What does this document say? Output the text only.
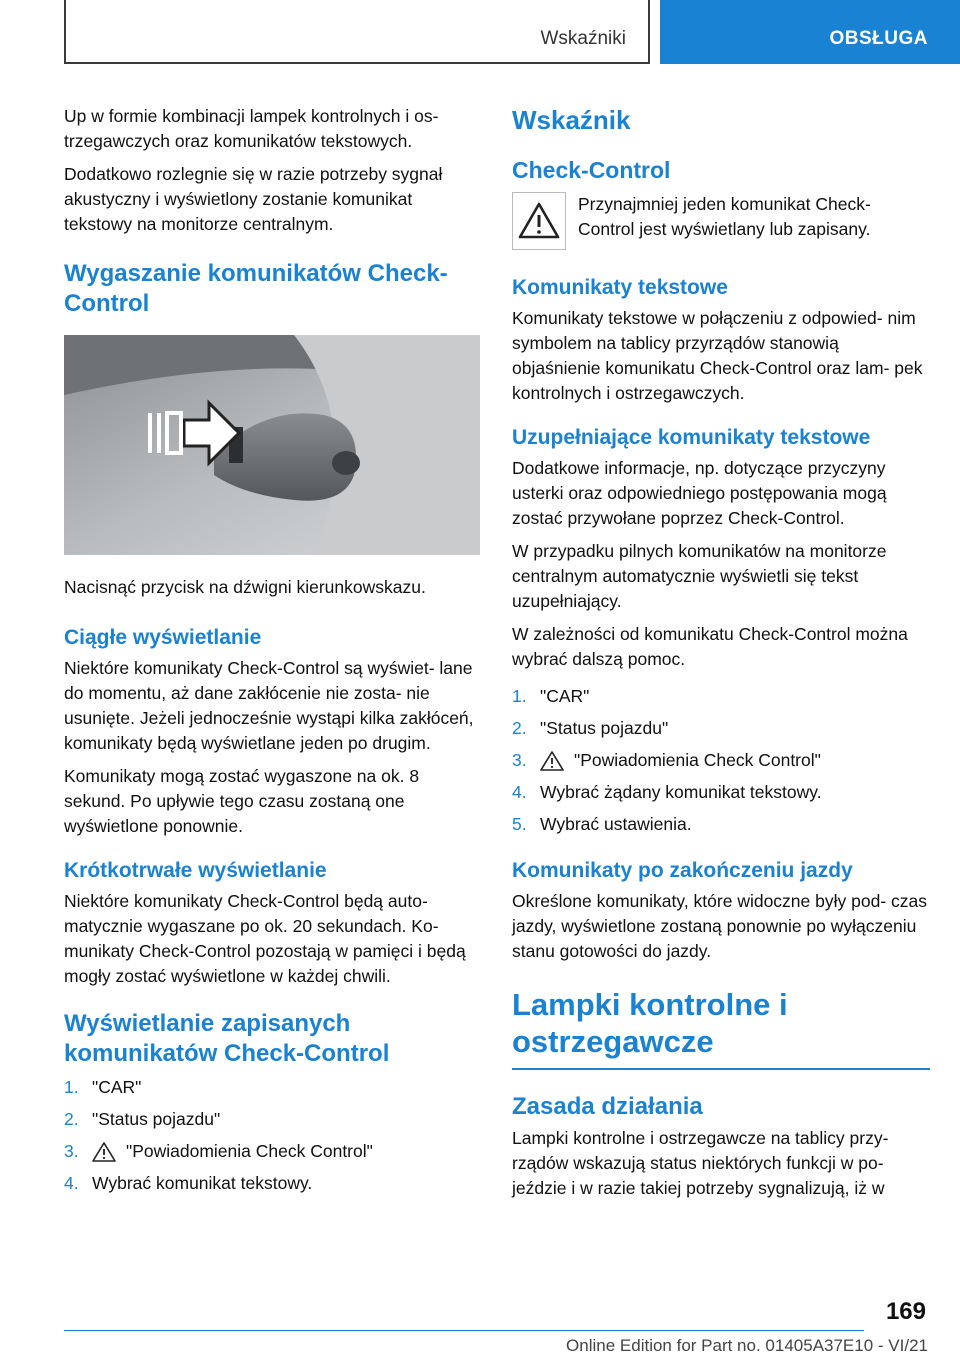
Wskaźniki	OBSŁUGA

Up w formie kombinacji lampek kontrolnych i os‐ trzegawczych oraz komunikatów tekstowych.

Dodatkowo rozlegnie się w razie potrzeby sygnał akustyczny i wyświetlony zostanie komunikat tekstowy na monitorze centralnym.

Wygaszanie komunikatów Check-Control

Nacisnąć przycisk na dźwigni kierunkowskazu.

Ciągłe wyświetlanie

Niektóre komunikaty Check-Control są wyświet‐ lane do momentu, aż dane zakłócenie nie zosta‐ nie usunięte. Jeżeli jednocześnie wystąpi kilka zakłóceń, komunikaty będą wyświetlane jeden po drugim.

Komunikaty mogą zostać wygaszone na ok. 8 sekund. Po upływie tego czasu zostaną one wyświetlone ponownie.

Krótkotrwałe wyświetlanie

Niektóre komunikaty Check-Control będą auto‐ matycznie wygaszane po ok. 20 sekundach. Ko‐ munikaty Check-Control pozostają w pamięci i będą mogły zostać wyświetlone w każdej chwili.

Wyświetlanie zapisanych komunikatów Check-Control
1. "CAR"
2. "Status pojazdu"
3.	"Powiadomienia Check Control"
4. Wybrać komunikat tekstowy.
Wskaźnik
Check-Control

Przynajmniej jeden komunikat Check- Control jest wyświetlany lub zapisany.

Komunikaty tekstowe

Komunikaty tekstowe w połączeniu z odpowied‐ nim symbolem na tablicy przyrządów stanowią objaśnienie komunikatu Check-Control oraz lam‐ pek kontrolnych i ostrzegawczych.

Uzupełniające komunikaty tekstowe

Dodatkowe informacje, np. dotyczące przyczyny usterki oraz odpowiedniego postępowania mogą zostać przywołane poprzez Check-Control.

W przypadku pilnych komunikatów na monitorze centralnym automatycznie wyświetli się tekst uzupełniający.

W zależności od komunikatu Check-Control można wybrać dalszą pomoc.

1. "CAR"
2. "Status pojazdu"
3.	"Powiadomienia Check Control"
4. Wybrać żądany komunikat tekstowy.
5. Wybrać ustawienia.
Komunikaty po zakończeniu jazdy

Określone komunikaty, które widoczne były pod‐ czas jazdy, wyświetlone zostaną ponownie po wyłączeniu stanu gotowości do jazdy.

Lampki kontrolne i ostrzegawcze
Zasada działania

Lampki kontrolne i ostrzegawcze na tablicy przy‐ rządów wskazują status niektórych funkcji w po‐ jeździe i w razie takiej potrzeby sygnalizują, iż w

169
Online Edition for Part no. 01405A37E10 - VI/21
